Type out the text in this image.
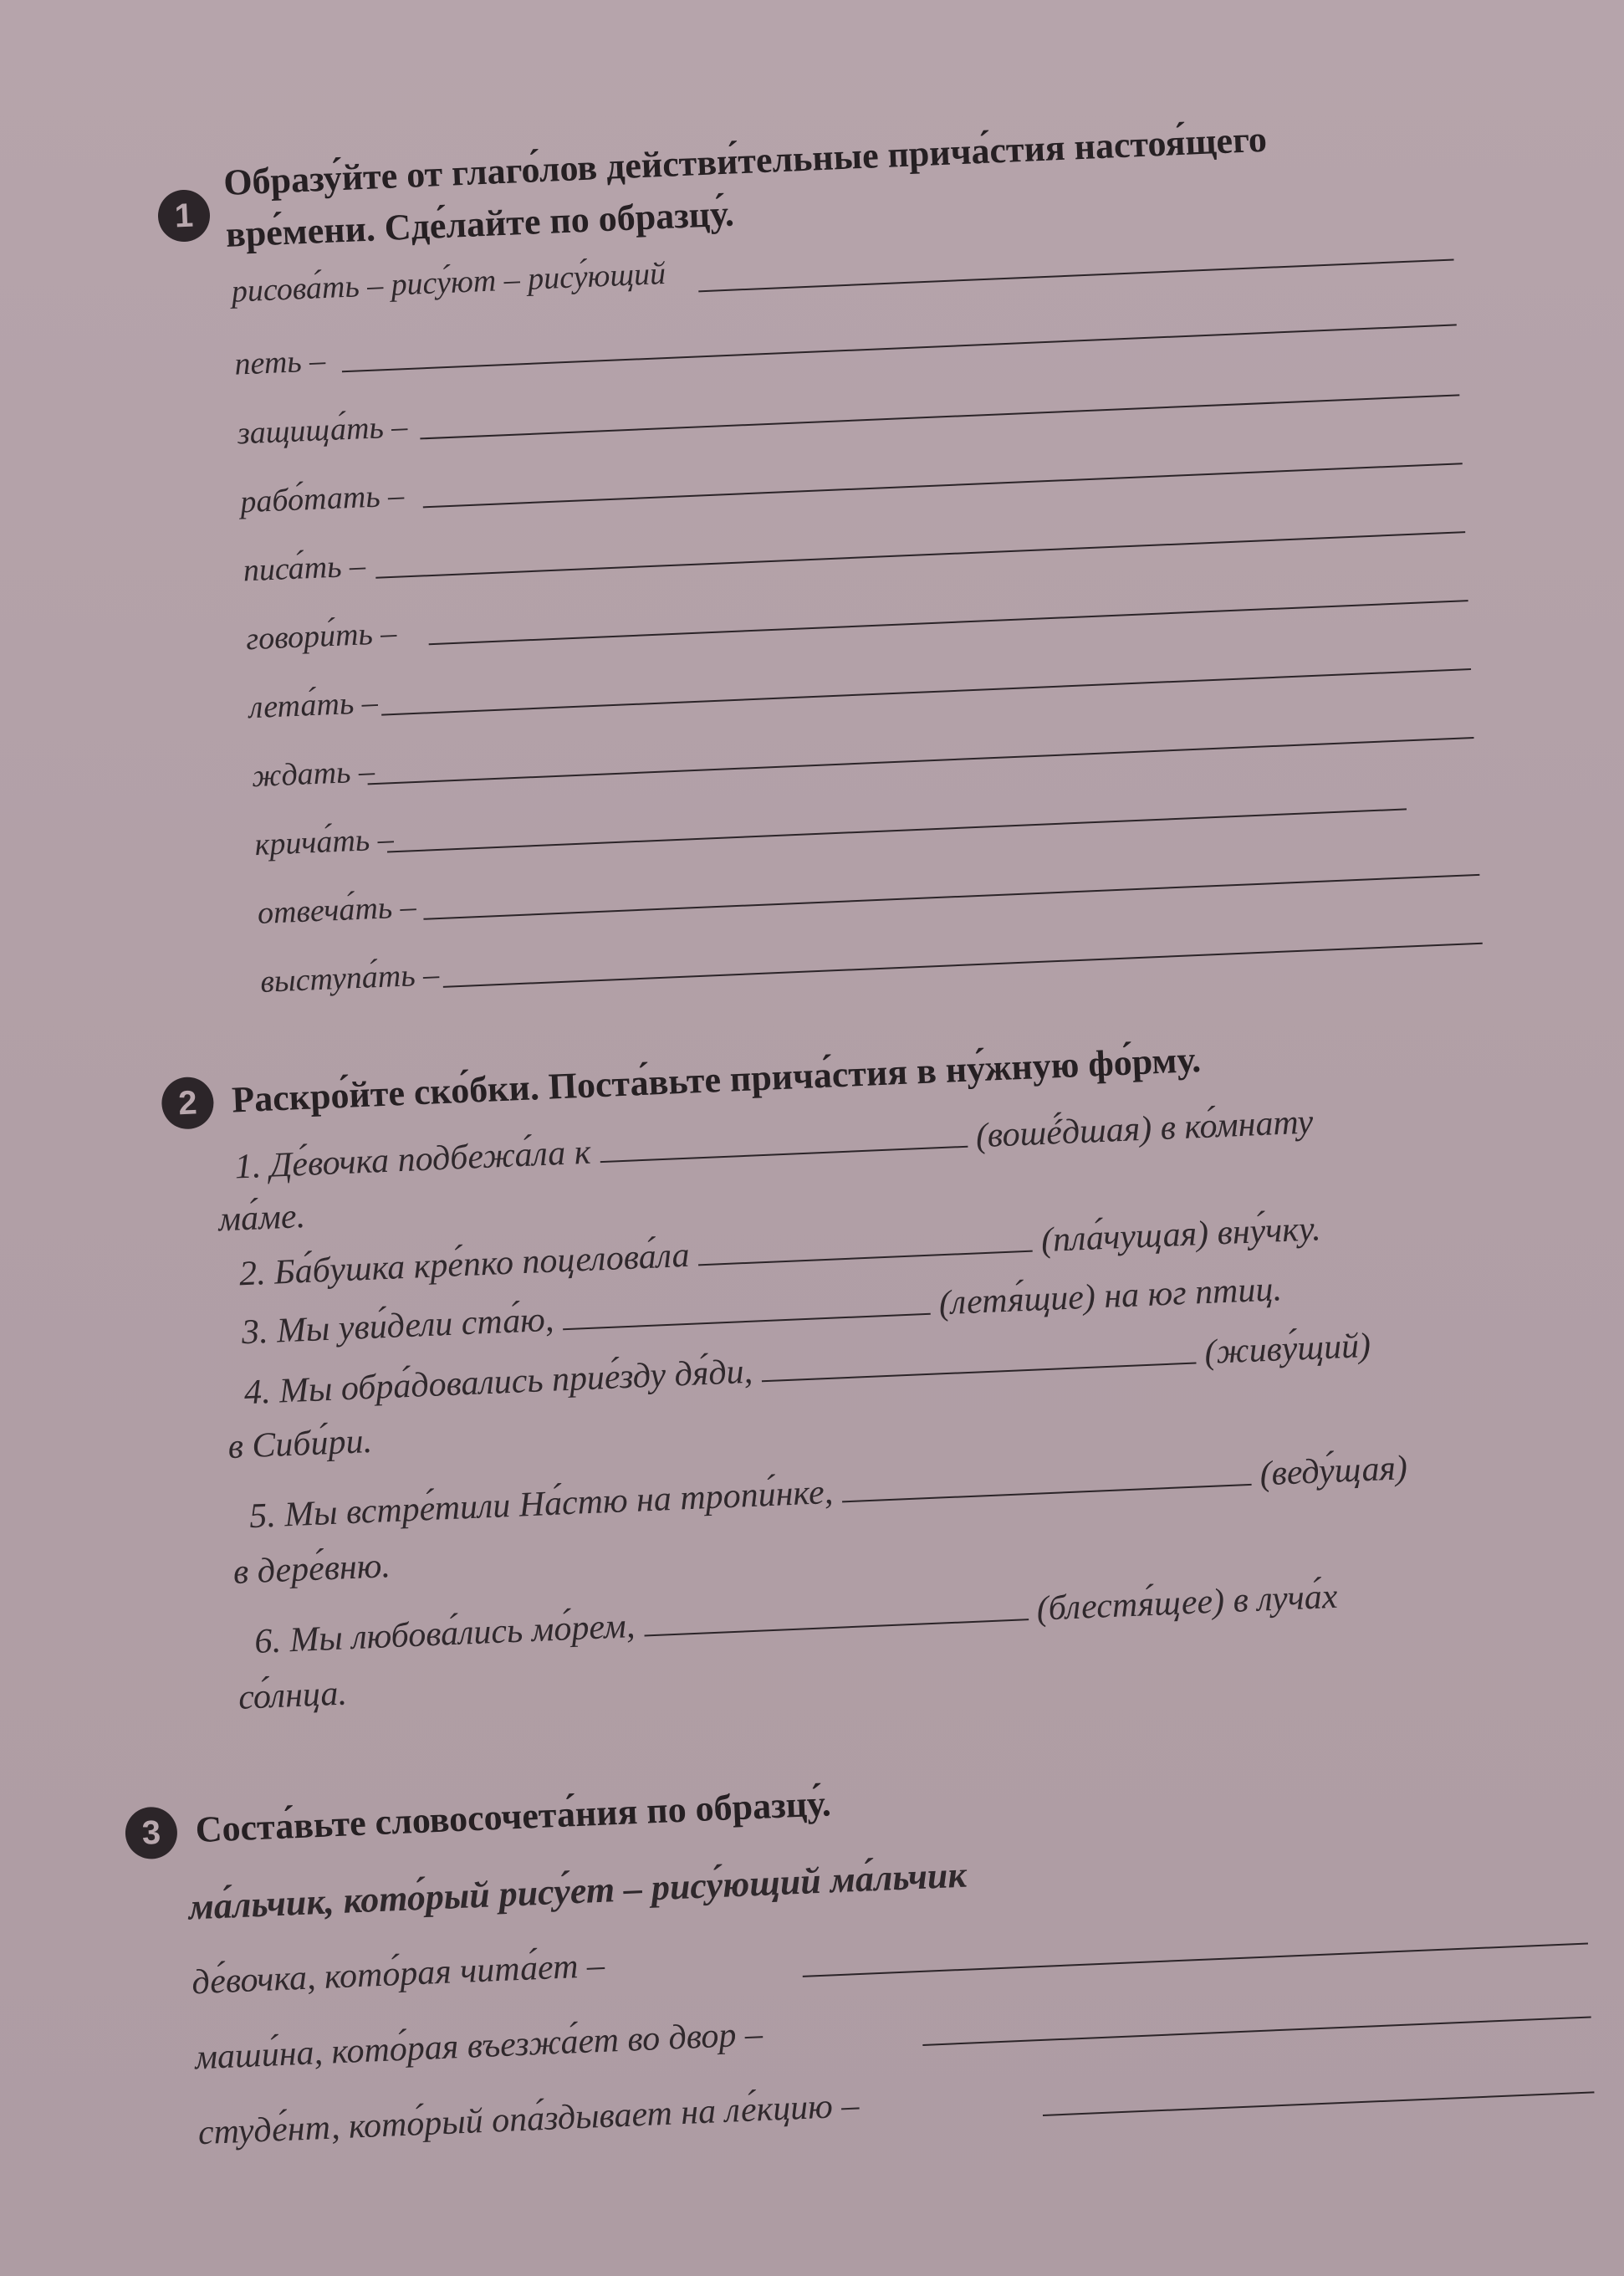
1
Образу́йте от глаго́лов действи́тельные прича́стия настоя́щего
вре́мени. Сде́лайте по образцу́.
рисова́ть – рису́ют – рису́ющий
петь –
защища́ть –
рабо́тать –
писа́ть –
говори́ть –
лета́ть –
ждать –
крича́ть –
отвеча́ть –
выступа́ть –
2 Раскро́йте ско́бки. Поста́вьте прича́стия в ну́жную фо́рму.
1. Де́вочка подбежа́ла к  (вошé́дшая) в ко́мнату
ма́ме.
2. Ба́бушка кре́пко поцелова́ла  (пла́чущая) вну́чку.
3. Мы уви́дели ста́ю,  (летя́щие) на юг птиц.
4. Мы обра́довались прие́зду дя́ди,  (живу́щий)
в Сиби́ри.
5. Мы встре́тили На́стю на тропи́нке,  (веду́щая)
в дере́вню.
6. Мы любова́лись мо́рем,  (блестя́щее) в луча́х
со́лнца.
3 Соста́вьте словосочета́ния по образцу́.
ма́льчик, кото́рый рису́ет – рису́ющий ма́льчик
де́вочка, кото́рая чита́ет –
маши́на, кото́рая въезжа́ет во двор –
студе́нт, кото́рый опа́здывает на ле́кцию –
